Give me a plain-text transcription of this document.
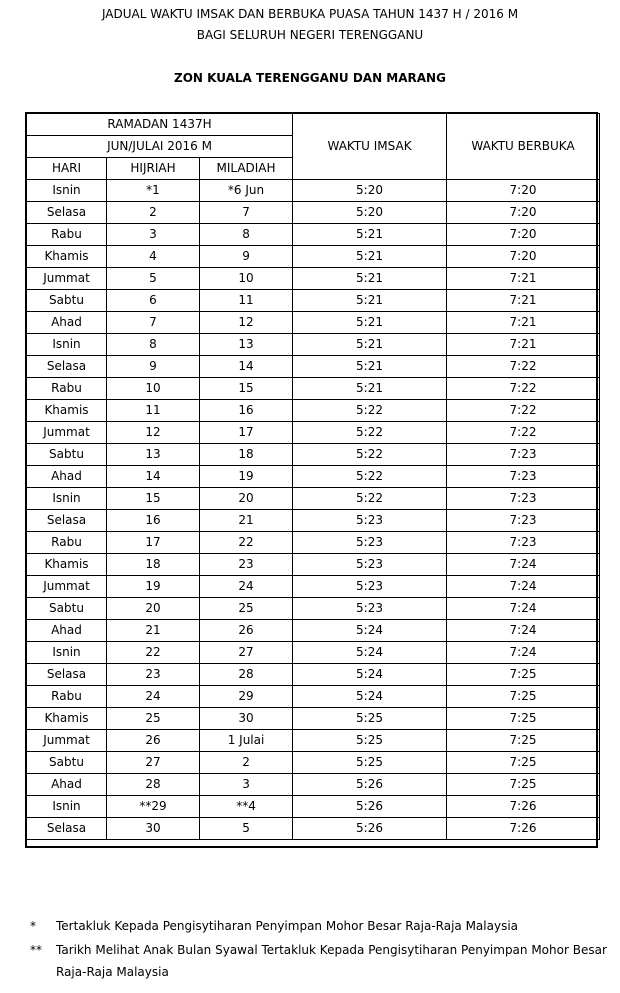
JADUAL WAKTU IMSAK DAN BERBUKA PUASA TAHUN 1437 H / 2016 M
BAGI SELURUH NEGERI TERENGGANU
ZON KUALA TERENGGANU DAN MARANG
RAMADAN 1437H			WAKTU IMSAK	WAKTU BERBUKA
JUN/JULAI 2016 M				
HARI	HIJRIAH	MILADIAH		
Isnin	*1	*6 Jun	5:20	7:20
Selasa	2	7	5:20	7:20
Rabu	3	8	5:21	7:20
Khamis	4	9	5:21	7:20
Jummat	5	10	5:21	7:21
Sabtu	6	11	5:21	7:21
Ahad	7	12	5:21	7:21
Isnin	8	13	5:21	7:21
Selasa	9	14	5:21	7:22
Rabu	10	15	5:21	7:22
Khamis	11	16	5:22	7:22
Jummat	12	17	5:22	7:22
Sabtu	13	18	5:22	7:23
Ahad	14	19	5:22	7:23
Isnin	15	20	5:22	7:23
Selasa	16	21	5:23	7:23
Rabu	17	22	5:23	7:23
Khamis	18	23	5:23	7:24
Jummat	19	24	5:23	7:24
Sabtu	20	25	5:23	7:24
Ahad	21	26	5:24	7:24
Isnin	22	27	5:24	7:24
Selasa	23	28	5:24	7:25
Rabu	24	29	5:24	7:25
Khamis	25	30	5:25	7:25
Jummat	26	1 Julai	5:25	7:25
Sabtu	27	2	5:25	7:25
Ahad	28	3	5:26	7:25
Isnin	**29	**4	5:26	7:26
Selasa	30	5	5:26	7:26
* Tertakluk Kepada Pengisytiharan Penyimpan Mohor Besar Raja-Raja Malaysia
** Tarikh Melihat Anak Bulan Syawal Tertakluk Kepada Pengisytiharan Penyimpan Mohor Besar
Raja-Raja Malaysia
